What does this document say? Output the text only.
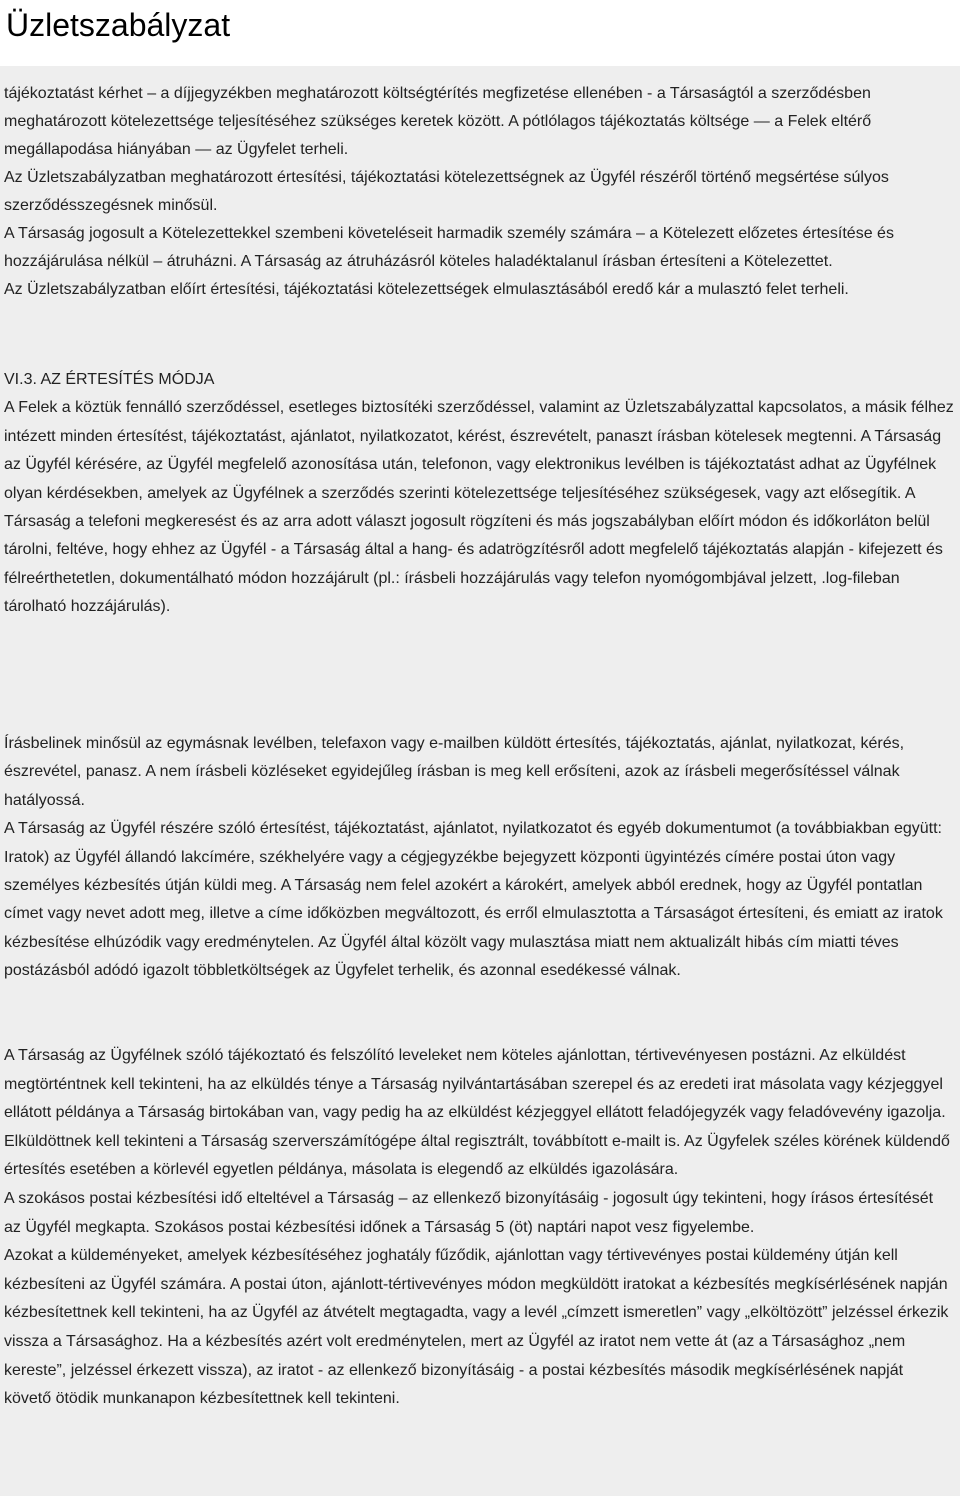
Üzletszabályzat

tájékoztatást kérhet – a díjjegyzékben meghatározott költségtérítés megfizetése ellenében - a Társaságtól a szerződésben meghatározott kötelezettsége teljesítéséhez szükséges keretek között. A pótlólagos tájékoztatás költsége — a Felek eltérő megállapodása hiányában — az Ügyfelet terheli.

Az Üzletszabályzatban meghatározott értesítési, tájékoztatási kötelezettségnek az Ügyfél részéről történő megsértése súlyos szerződésszegésnek minősül.

A Társaság jogosult a Kötelezettekkel szembeni követeléseit harmadik személy számára – a Kötelezett előzetes értesítése és hozzájárulása nélkül – átruházni. A Társaság az átruházásról köteles haladéktalanul írásban értesíteni a Kötelezettet.

Az Üzletszabályzatban előírt értesítési, tájékoztatási kötelezettségek elmulasztásából eredő kár a mulasztó felet terheli.

VI.3. AZ ÉRTESÍTÉS MÓDJA

A Felek a köztük fennálló szerződéssel, esetleges biztosítéki szerződéssel, valamint az Üzletszabályzattal kapcsolatos, a másik félhez intézett minden értesítést, tájékoztatást, ajánlatot, nyilatkozatot, kérést, észrevételt, panaszt írásban kötelesek megtenni. A Társaság az Ügyfél kérésére, az Ügyfél megfelelő azonosítása után, telefonon, vagy elektronikus levélben is tájékoztatást adhat az Ügyfélnek olyan kérdésekben, amelyek az Ügyfélnek a szerződés szerinti kötelezettsége teljesítéséhez szükségesek, vagy azt elősegítik. A Társaság a telefoni megkeresést és az arra adott választ jogosult rögzíteni és más jogszabályban előírt módon és időkorláton belül tárolni, feltéve, hogy ehhez az Ügyfél - a Társaság által a hang- és adatrögzítésről adott megfelelő tájékoztatás alapján - kifejezett és félreérthetetlen, dokumentálható módon hozzájárult (pl.: írásbeli hozzájárulás vagy telefon nyomógombjával jelzett, .log-fileban tárolható hozzájárulás).

Írásbelinek minősül az egymásnak levélben, telefaxon vagy e-mailben küldött értesítés, tájékoztatás, ajánlat, nyilatkozat, kérés, észrevétel, panasz. A nem írásbeli közléseket egyidejűleg írásban is meg kell erősíteni, azok az írásbeli megerősítéssel válnak hatályossá.

A Társaság az Ügyfél részére szóló értesítést, tájékoztatást, ajánlatot, nyilatkozatot és egyéb dokumentumot (a továbbiakban együtt: Iratok) az Ügyfél állandó lakcímére, székhelyére vagy a cégjegyzékbe bejegyzett központi ügyintézés címére postai úton vagy személyes kézbesítés útján küldi meg. A Társaság nem felel azokért a károkért, amelyek abból erednek, hogy az Ügyfél pontatlan címet vagy nevet adott meg, illetve a címe időközben megváltozott, és erről elmulasztotta a Társaságot értesíteni, és emiatt az iratok kézbesítése elhúzódik vagy eredménytelen. Az Ügyfél által közölt vagy mulasztása miatt nem aktualizált hibás cím miatti téves postázásból adódó igazolt többletköltségek az Ügyfelet terhelik, és azonnal esedékessé válnak.

A Társaság az Ügyfélnek szóló tájékoztató és felszólító leveleket nem köteles ajánlottan, tértivevényesen postázni. Az elküldést megtörténtnek kell tekinteni, ha az elküldés ténye a Társaság nyilvántartásában szerepel és az eredeti irat másolata vagy kézjeggyel ellátott példánya a Társaság birtokában van, vagy pedig ha az elküldést kézjeggyel ellátott feladójegyzék vagy feladóvevény igazolja. Elküldöttnek kell tekinteni a Társaság szerverszámítógépe által regisztrált, továbbított e-mailt is. Az Ügyfelek széles körének küldendő értesítés esetében a körlevél egyetlen példánya, másolata is elegendő az elküldés igazolására.

A szokásos postai kézbesítési idő elteltével a Társaság – az ellenkező bizonyításáig - jogosult úgy tekinteni, hogy írásos értesítését az Ügyfél megkapta. Szokásos postai kézbesítési időnek a Társaság 5 (öt) naptári napot vesz figyelembe.

Azokat a küldeményeket, amelyek kézbesítéséhez joghatály fűződik, ajánlottan vagy tértivevényes postai küldemény útján kell kézbesíteni az Ügyfél számára. A postai úton, ajánlott-tértivevényes módon megküldött iratokat a kézbesítés megkísérlésének napján kézbesítettnek kell tekinteni, ha az Ügyfél az átvételt megtagadta, vagy a levél „címzett ismeretlen” vagy „elköltözött” jelzéssel érkezik vissza a Társasághoz. Ha a kézbesítés azért volt eredménytelen, mert az Ügyfél az iratot nem vette át (az a Társasághoz „nem kereste”, jelzéssel érkezett vissza), az iratot - az ellenkező bizonyításáig - a postai kézbesítés második megkísérlésének napját követő ötödik munkanapon kézbesítettnek kell tekinteni.
